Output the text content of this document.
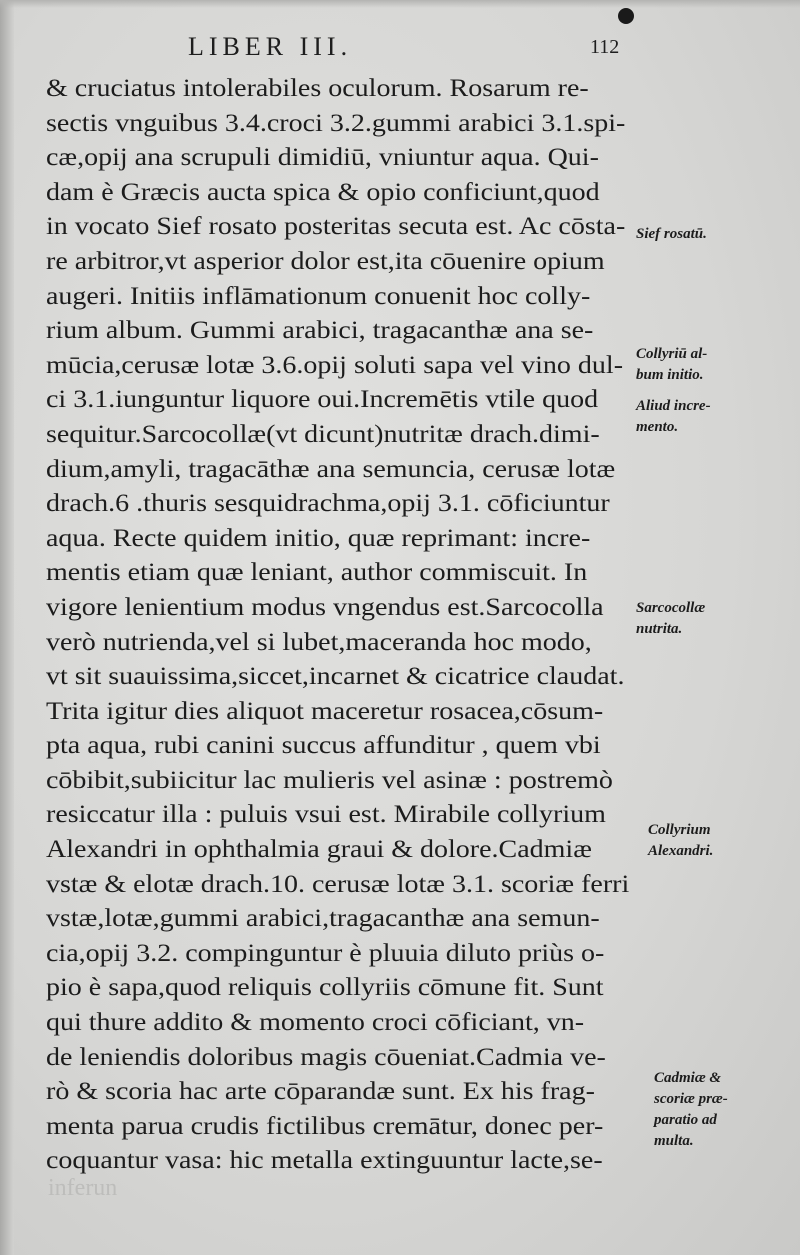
LIBER III.	112
& cruciatus intolerabiles oculorum. Rosarum re-
sectis vnguibus 3.4.croci 3.2.gummi arabici 3.1.spi-
cæ,opij ana scrupuli dimidiū, vniuntur aqua. Qui-
dam è Græcis aucta spica & opio conficiunt,quod
in vocato Sief rosato posteritas secuta est. Ac cōsta-
re arbitror,vt asperior dolor est,ita cōuenire opium
augeri. Initiis inflāmationum conuenit hoc colly-
rium album. Gummi arabici, tragacanthæ ana se-
mūcia,cerusæ lotæ 3.6.opij soluti sapa vel vino dul-
ci 3.1.iunguntur liquore oui.Incremētis vtile quod
sequitur.Sarcocollæ(vt dicunt)nutritæ drach.dimi-
dium,amyli, tragacāthæ ana semuncia, cerusæ lotæ
drach.6 .thuris sesquidrachma,opij 3.1. cōficiuntur
aqua. Recte quidem initio, quæ reprimant: incre-
mentis etiam quæ leniant, author commiscuit. In
vigore lenientium modus vngendus est.Sarcocolla
verò nutrienda,vel si lubet,maceranda hoc modo,
vt sit suauissima,siccet,incarnet & cicatrice claudat.
Trita igitur dies aliquot maceretur rosacea,cōsum-
pta aqua, rubi canini succus affunditur , quem vbi
cōbibit,subiicitur lac mulieris vel asinæ : postremò
resiccatur illa : puluis vsui est. Mirabile collyrium
Alexandri in ophthalmia graui & dolore.Cadmiæ
vstæ & elotæ drach.10. cerusæ lotæ 3.1. scoriæ ferri
vstæ,lotæ,gummi arabici,tragacanthæ ana semun-
cia,opij 3.2. compinguntur è pluuia diluto priùs o-
pio è sapa,quod reliquis collyriis cōmune fit. Sunt
qui thure addito & momento croci cōficiant, vn-
de leniendis doloribus magis cōueniat.Cadmia ve-
rò & scoria hac arte cōparandæ sunt. Ex his frag-
menta parua crudis fictilibus cremātur, donec per-
coquantur vasa: hic metalla extinguuntur lacte,se-
Sief rosatū.
Collyriū al-
bum initio.
Aliud incre-
mento.
Sarcocollæ
nutrita.
Collyrium
Alexandri.
Cadmiæ &
scoriæ præ-
paratio ad
multa.
inferun
